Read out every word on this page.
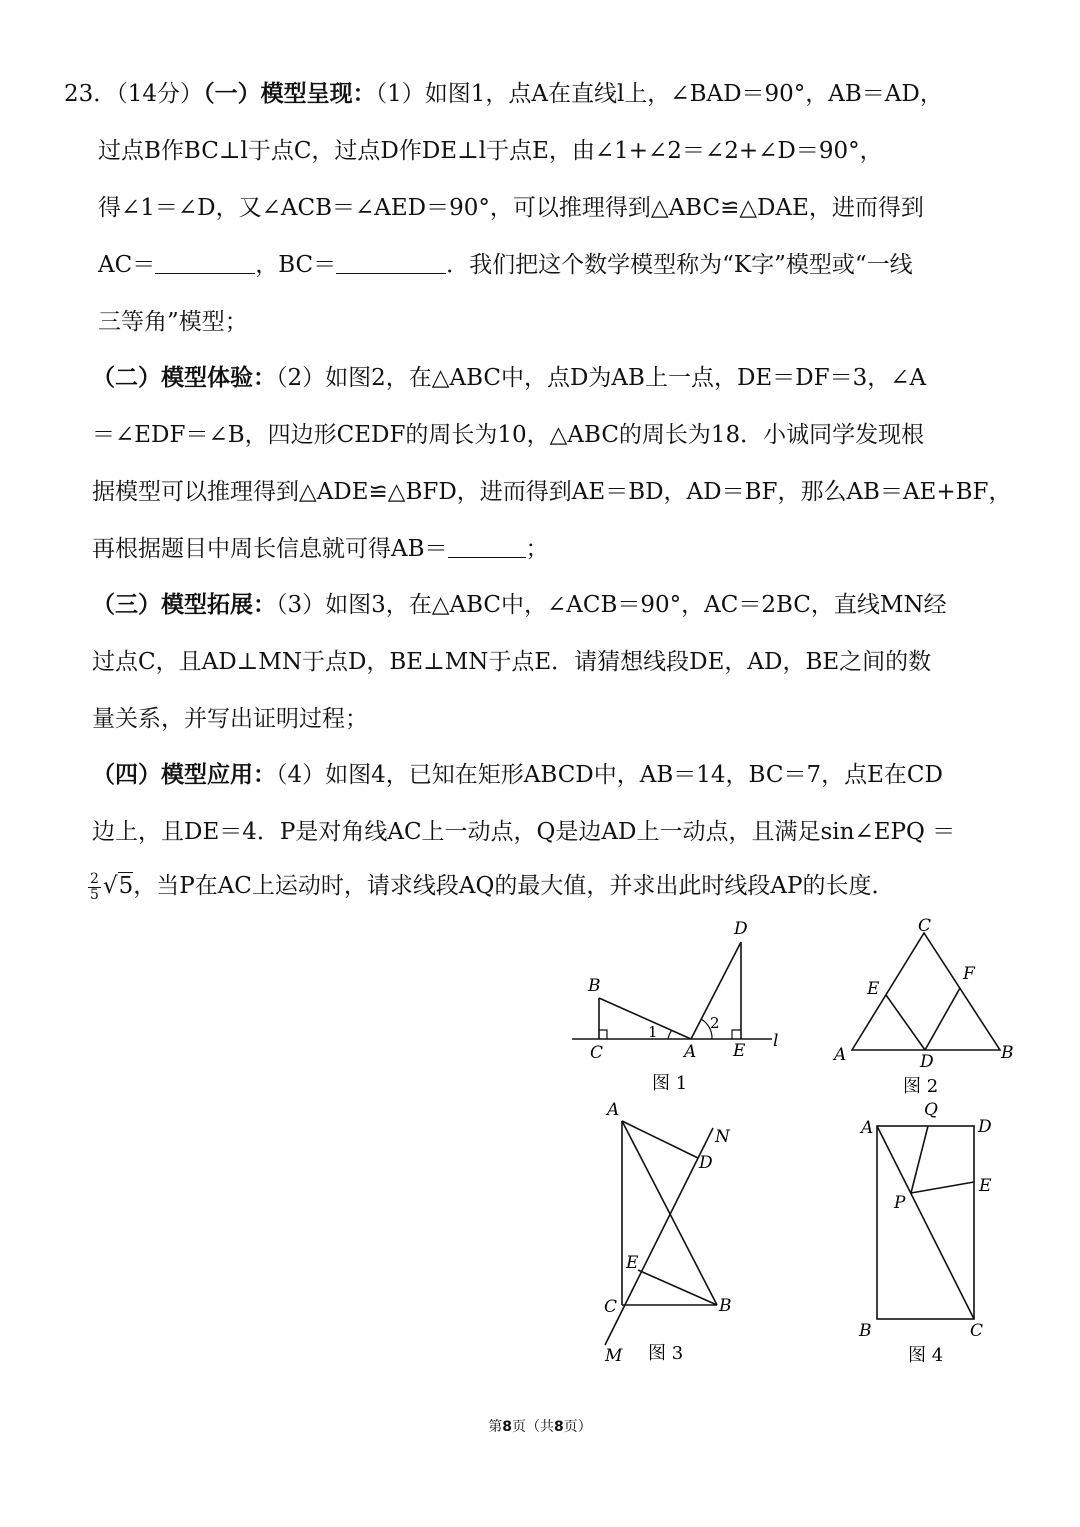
23．（14分）（一）模型呈现：（1）如图1，点A在直线l上，∠BAD＝90°，AB＝AD，
过点B作BC⊥l于点C，过点D作DE⊥l于点E，由∠1+∠2＝∠2+∠D＝90°，
得∠1＝∠D，又∠ACB＝∠AED＝90°，可以推理得到△ABC≌△DAE，进而得到
AC＝	，BC＝	．我们把这个数学模型称为“K字”模型或“一线
三等角”模型；
（二）模型体验：（2）如图2，在△ABC中，点D为AB上一点，DE＝DF＝3，∠A
＝∠EDF＝∠B，四边形CEDF的周长为10，△ABC的周长为18．小诚同学发现根
据模型可以推理得到△ADE≌△BFD，进而得到AE＝BD，AD＝BF，那么AB＝AE+BF，
再根据题目中周长信息就可得AB＝	；
（三）模型拓展：（3）如图3，在△ABC中，∠ACB＝90°，AC＝2BC，直线MN经
过点C，且AD⊥MN于点D，BE⊥MN于点E．请猜想线段DE，AD，BE之间的数
量关系，并写出证明过程；
（四）模型应用：（4）如图4，已知在矩形ABCD中，AB＝14，BC＝7，点E在CD
边上，且DE＝4．P是对角线AC上一动点，Q是边AD上一动点，且满足sin∠EPQ ＝
$\frac{2}{5} √5$，当P在AC上运动时，请求线段AQ的最大值，并求出此时线段AP的长度．
B
C	A E
D
l
1	2
图 1
C
E
F
A	D	B
图 2
A
N
D
E
C	B
M 图 3
A
Q
D
E
P
B	C
图 4
第8页（共8页）
